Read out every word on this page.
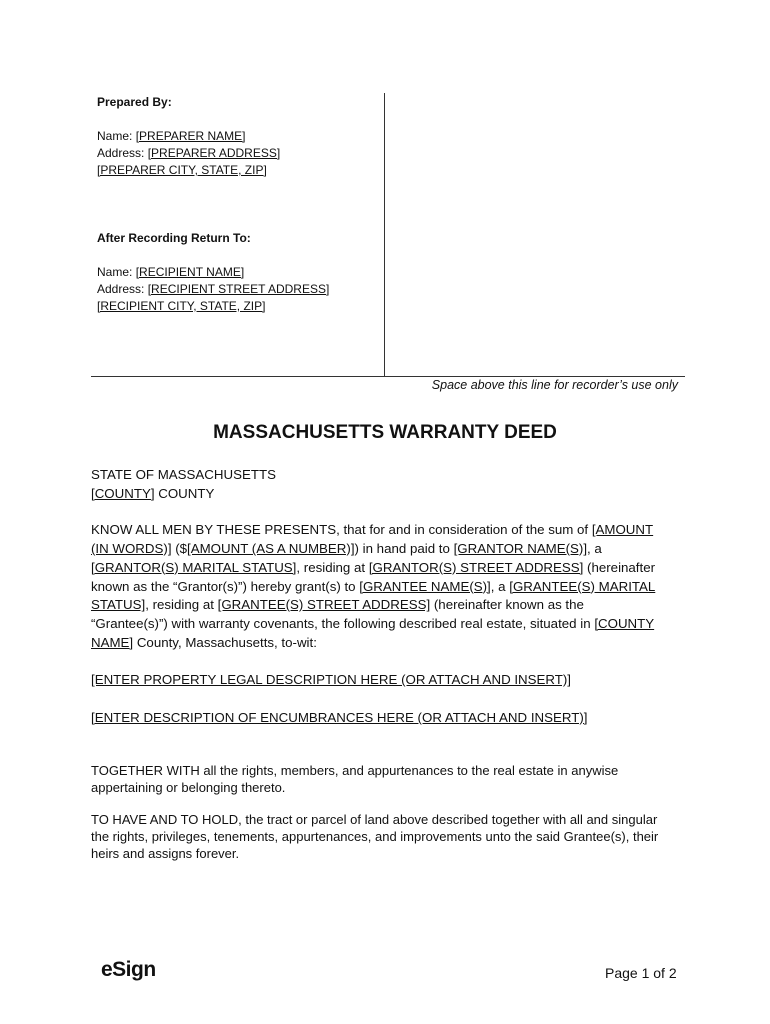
Prepared By:
Name: [PREPARER NAME]
Address: [PREPARER ADDRESS]
[PREPARER CITY, STATE, ZIP]
After Recording Return To:
Name: [RECIPIENT NAME]
Address: [RECIPIENT STREET ADDRESS]
[RECIPIENT CITY, STATE, ZIP]
Space above this line for recorder’s use only
MASSACHUSETTS WARRANTY DEED

STATE OF MASSACHUSETTS

[COUNTY] COUNTY

KNOW ALL MEN BY THESE PRESENTS, that for and in consideration of the sum of [AMOUNT (IN WORDS)] ($[AMOUNT (AS A NUMBER)]) in hand paid to [GRANTOR NAME(S)], a [GRANTOR(S) MARITAL STATUS], residing at [GRANTOR(S) STREET ADDRESS] (hereinafter known as the “Grantor(s)”) hereby grant(s) to [GRANTEE NAME(S)], a [GRANTEE(S) MARITAL STATUS], residing at [GRANTEE(S) STREET ADDRESS] (hereinafter known as the “Grantee(s)”) with warranty covenants, the following described real estate, situated in [COUNTY NAME] County, Massachusetts, to-wit:

[ENTER PROPERTY LEGAL DESCRIPTION HERE (OR ATTACH AND INSERT)]

[ENTER DESCRIPTION OF ENCUMBRANCES HERE (OR ATTACH AND INSERT)]

TOGETHER WITH all the rights, members, and appurtenances to the real estate in anywise appertaining or belonging thereto.

TO HAVE AND TO HOLD, the tract or parcel of land above described together with all and singular the rights, privileges, tenements, appurtenances, and improvements unto the said Grantee(s), their heirs and assigns forever.

eSign	Page 1 of 2
